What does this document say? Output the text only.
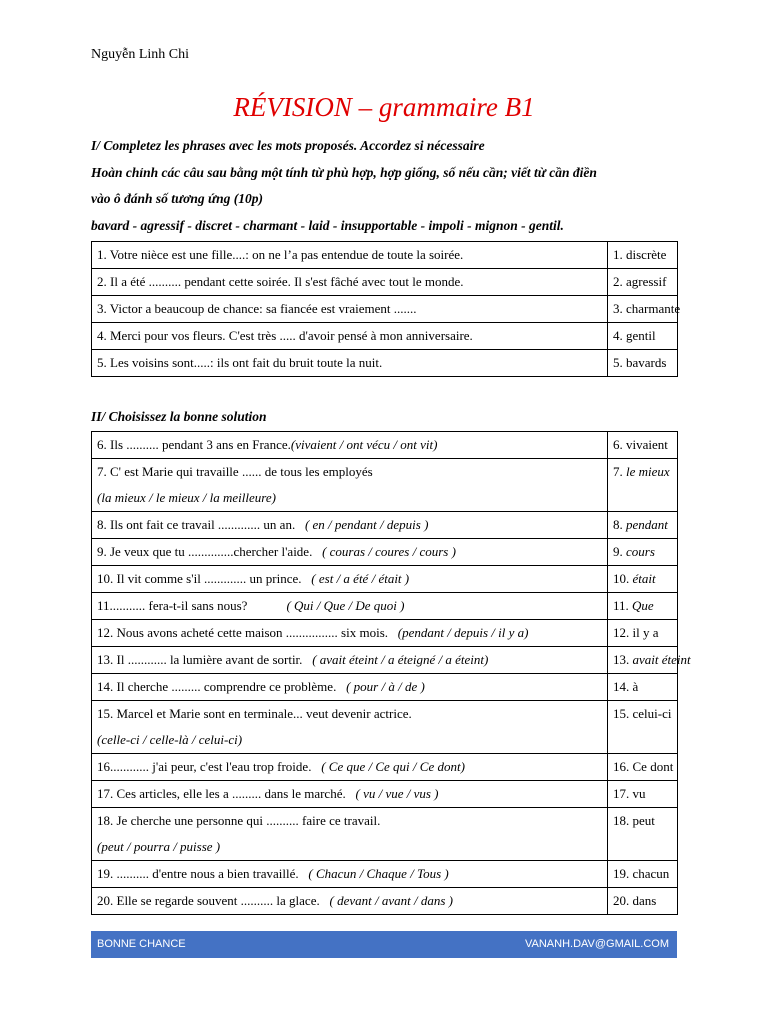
Nguyễn Linh Chi
RÉVISION – grammaire B1
I/ Completez les phrases avec les mots proposés. Accordez si nécessaire
Hoàn chỉnh các câu sau bằng một tính từ phù hợp, hợp giống, số nếu cần; viết từ cần điền
vào ô đánh số tương ứng (10p)
bavard - agressif - discret - charmant - laid - insupportable - impoli - mignon - gentil.
1. Votre nièce est une fille....: on ne l’a pas entendue de toute la soirée.	1. discrète
2. Il a été .......... pendant cette soirée. Il s'est fâché avec tout le monde.	2. agressif
3. Victor a beaucoup de chance: sa fiancée est vraiement .......	3. charmante
4. Merci pour vos fleurs. C'est très ..... d'avoir pensé à mon anniversaire.	4. gentil
5. Les voisins sont.....: ils ont fait du bruit toute la nuit.	5. bavards
II/ Choisissez la bonne solution
6. Ils .......... pendant 3 ans en France.(vivaient / ont vécu / ont vit)	6. vivaient

7. C' est Marie qui travaille ...... de tous les employés
(la mieux / le mieux / la meilleure)	7. le mieux
8. Ils ont fait ce travail ............. un an. ( en / pendant / depuis )	8. pendant
9. Je veux que tu ..............chercher l'aide. ( couras / coures / cours )	9. cours
10. Il vit comme s'il ............. un prince. ( est / a été / était )	10. était
11........... fera-t-il sans nous? ( Qui / Que / De quoi )	11. Que
12. Nous avons acheté cette maison ................ six mois. (pendant / depuis / il y a)	12. il y a
13. Il ............ la lumière avant de sortir. ( avait éteint / a éteigné / a éteint)	13. avait éteint
14. Il cherche ......... comprendre ce problème. ( pour / à / de )	14. à

15. Marcel et Marie sont en terminale... veut devenir actrice.
(celle-ci / celle-là / celui-ci)	15. celui-ci
16............ j'ai peur, c'est l'eau trop froide. ( Ce que / Ce qui / Ce dont)	16. Ce dont
17. Ces articles, elle les a ......... dans le marché. ( vu / vue / vus )	17. vu

18. Je cherche une personne qui .......... faire ce travail.
(peut / pourra / puisse )	18. peut
19. .......... d'entre nous a bien travaillé. ( Chacun / Chaque / Tous )	19. chacun
20. Elle se regarde souvent .......... la glace. ( devant / avant / dans )	20. dans
BONNE CHANCE	VANANH.DAV@GMAIL.COM
